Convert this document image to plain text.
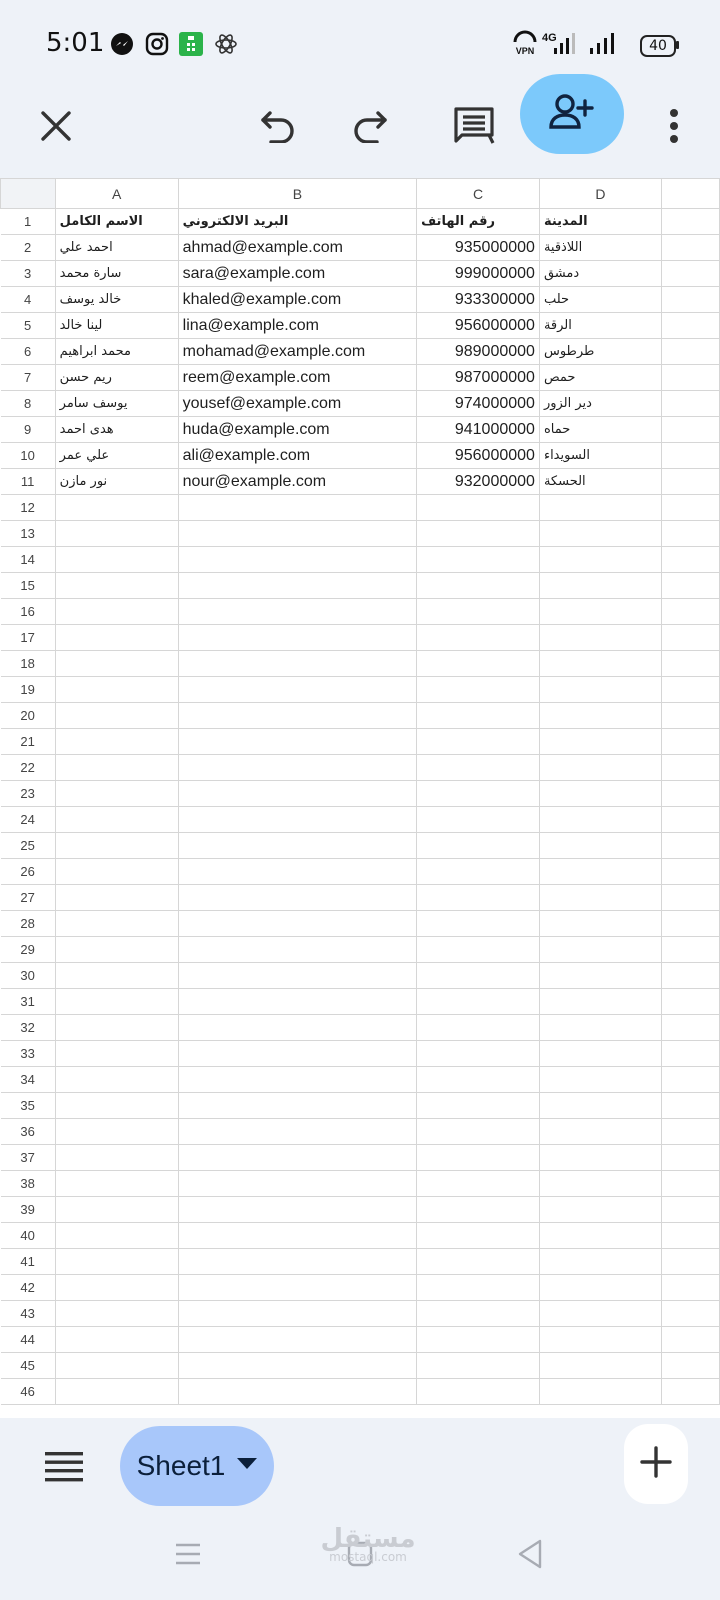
5:01	VPN
4G	40
	A	B	C	D	
1	الاسم الكامل	البريد الالكتروني	رقم الهاتف	المدينة	
2	احمد علي	ahmad@example.com	935000000	اللاذقية	
3	سارة محمد	sara@example.com	999000000	دمشق	
4	خالد يوسف	khaled@example.com	933300000	حلب	
5	لينا خالد	lina@example.com	956000000	الرقة	
6	محمد ابراهيم	mohamad@example.com	989000000	طرطوس	
7	ريم حسن	reem@example.com	987000000	حمص	
8	يوسف سامر	yousef@example.com	974000000	دير الزور	
9	هدى احمد	huda@example.com	941000000	حماه	
10	علي عمر	ali@example.com	956000000	السويداء	
11	نور مازن	nour@example.com	932000000	الحسكة	
12					
13					
14					
15					
16					
17					
18					
19					
20					
21					
22					
23					
24					
25					
26					
27					
28					
29					
30					
31					
32					
33					
34					
35					
36					
37					
38					
39					
40					
41					
42					
43					
44					
45					
46					
Sheet1
مستقل
mostaql.com
